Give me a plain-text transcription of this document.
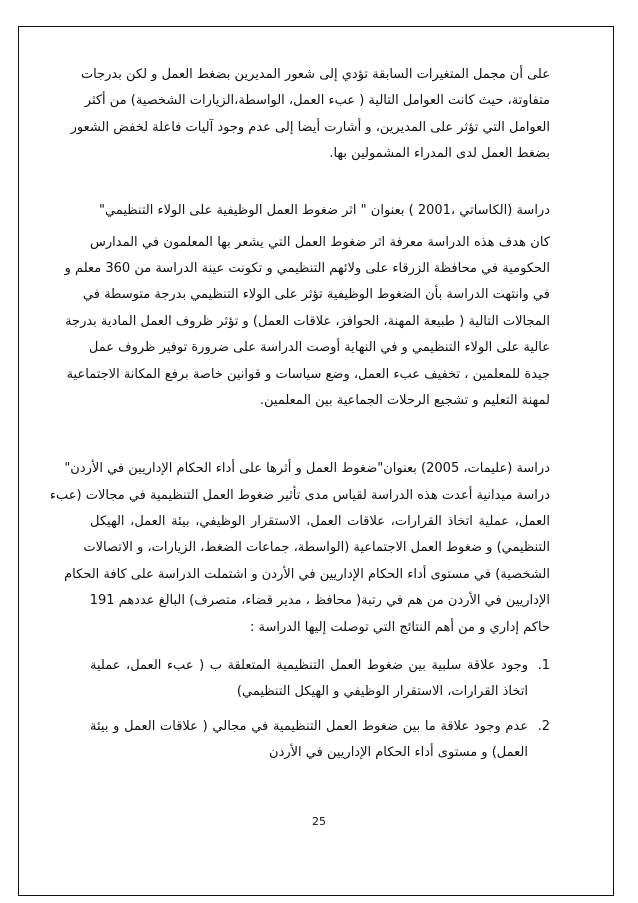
على أن مجمل المتغيرات السابقة تؤدي إلى شعور المديرين بضغط العمل و لكن بدرجات
متفاوتة، حيث كانت العوامل التالية ( عبء العمل، الواسطة،الزيارات الشخصية) من أكثر
العوامل التي تؤثر على المديرين، و أشارت أيضا إلى عدم وجود آليات فاعلة لخفض الشعور
بضغط العمل لدى المدراء المشمولين بها.

دراسة (الكاساتي ،2001 ) بعنوان " اثر ضغوط العمل الوظيفية على الولاء التنظيمي"

كان هدف هذه الدراسة معرفة اثر ضغوط العمل التي يشعر بها المعلمون في المدارس
الحكومية في محافظة الزرقاء على ولائهم التنظيمي و تكونت عينة الدراسة من 360 معلم و
في وانتهت الدراسة بأن الضغوط الوظيفية تؤثر على الولاء التنظيمي بدرجة متوسطة في
المجالات التالية ( طبيعة المهنة، الحوافز، علاقات العمل) و تؤثر ظروف العمل المادية بدرجة
عالية على الولاء التنظيمي و في النهاية أوصت الدراسة على ضرورة توفير ظروف عمل
جيدة للمعلمين ، تخفيف عبء العمل، وضع سياسات و قوانين خاصة برفع المكانة الاجتماعية
لمهنة التعليم و تشجيع الرحلات الجماعية بين المعلمين.
دراسة (عليمات، 2005) بعنوان"ضغوط العمل و أثرها على أداء الحكام الإداريين في الأردن"
دراسة ميدانية أعدت هذه الدراسة لقياس مدى تأثير ضغوط العمل التنظيمية في مجالات (عبء
العمل، عملية اتخاذ القرارات، علاقات العمل، الاستقرار الوظيفي، بيئة العمل، الهيكل
التنظيمي) و ضغوط العمل الاجتماعية (الواسطة، جماعات الضغط، الزيارات، و الاتصالات
الشخصية) في مستوى أداء الحكام الإداريين في الأردن و اشتملت الدراسة على كافة الحكام
الإداريين في الأردن من هم في رتبة( محافظ ، مدير قضاء، متصرف) البالغ عددهم 191
حاكم إداري و من أهم النتائج التي توصلت إليها الدراسة :
1.
وجود علاقة سلبية بين ضغوط العمل التنظيمية المتعلقة ب ( عبء العمل، عملية
اتخاذ القرارات، الاستقرار الوظيفي و الهيكل التنظيمي)
2.
عدم وجود علاقة ما بين ضغوط العمل التنظيمية في مجالي ( علاقات العمل و بيئة
العمل) و مستوى أداء الحكام الإداريين في الأردن
25
